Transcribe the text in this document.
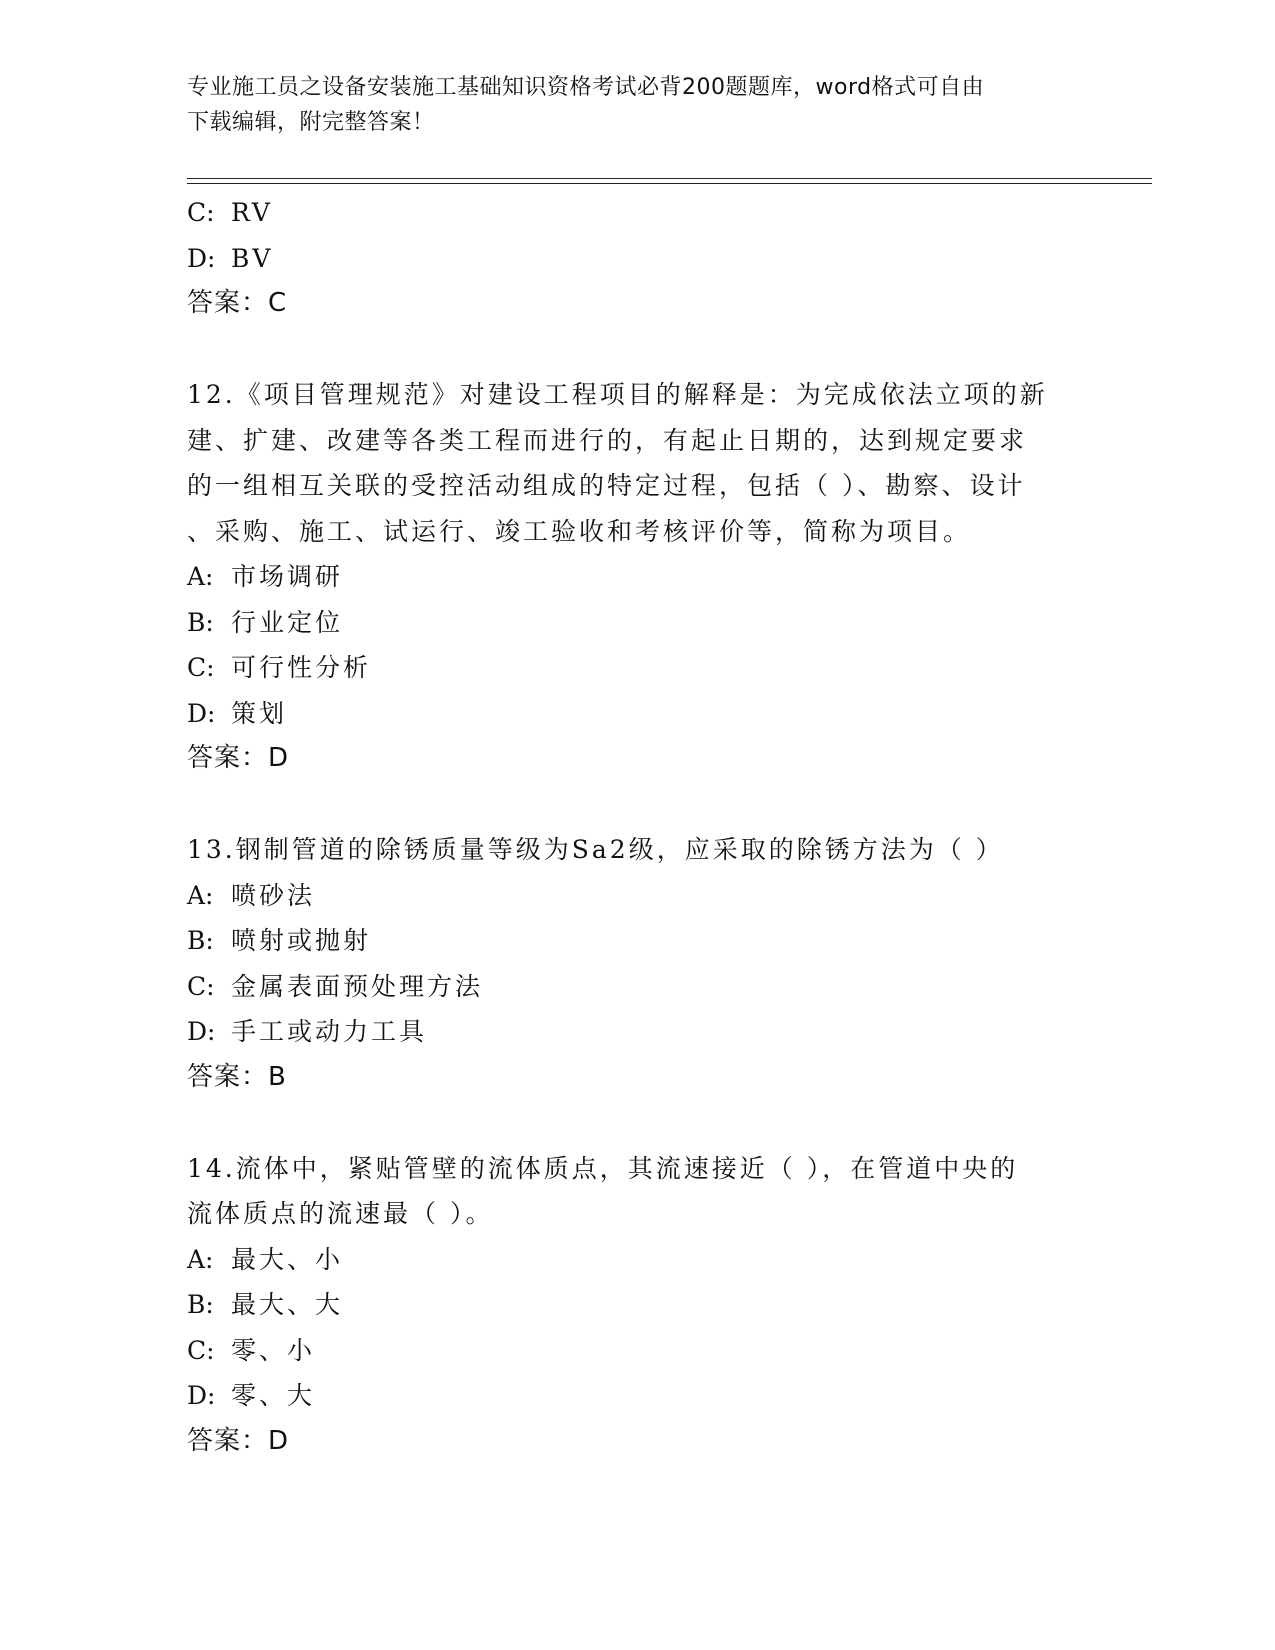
专业施工员之设备安装施工基础知识资格考试必背200题题库，word格式可自由
下载编辑，附完整答案！
C: RV
D: BV
答案：C
12.《项目管理规范》对建设工程项目的解释是：为完成依法立项的新
建、扩建、改建等各类工程而进行的，有起止日期的，达到规定要求
的一组相互关联的受控活动组成的特定过程，包括（ ）、勘察、设计
、采购、施工、试运行、竣工验收和考核评价等，简称为项目。
A: 市场调研
B: 行业定位
C: 可行性分析
D: 策划
答案：D
13.钢制管道的除锈质量等级为Sa2级，应采取的除锈方法为（ ）
A: 喷砂法
B: 喷射或抛射
C: 金属表面预处理方法
D: 手工或动力工具
答案：B
14.流体中，紧贴管壁的流体质点，其流速接近（ ），在管道中央的
流体质点的流速最（ ）。
A: 最大、小
B: 最大、大
C: 零、小
D: 零、大
答案：D
